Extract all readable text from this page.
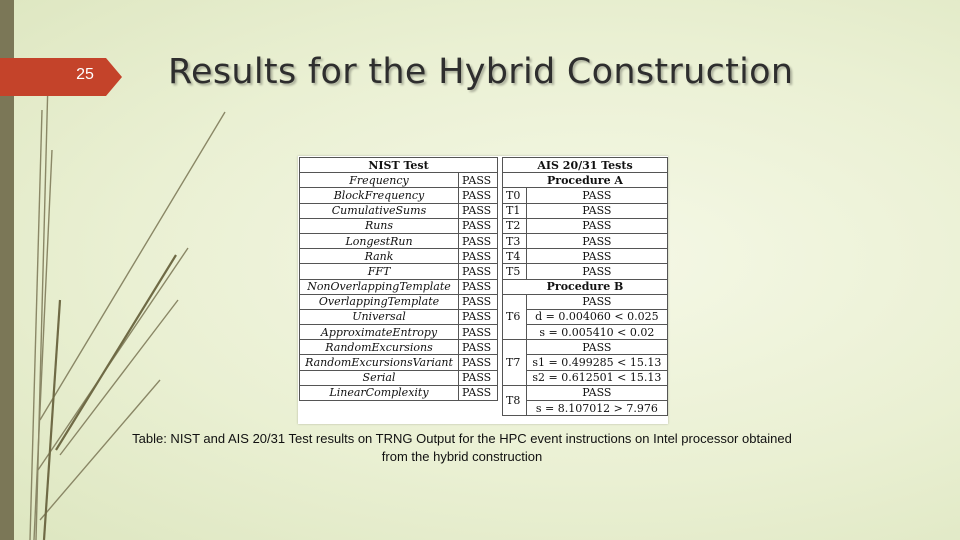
25	Results for the Hybrid Construction
NIST Test	
Frequency	PASS
BlockFrequency	PASS
CumulativeSums	PASS
Runs	PASS
LongestRun	PASS
Rank	PASS
FFT	PASS
NonOverlappingTemplate	PASS
OverlappingTemplate	PASS
Universal	PASS
ApproximateEntropy	PASS
RandomExcursions	PASS
RandomExcursionsVariant	PASS
Serial	PASS
LinearComplexity	PASS
AIS 20/31 Tests	
Procedure A	
T0	PASS
T1	PASS
T2	PASS
T3	PASS
T4	PASS
T5	PASS
Procedure B	
T6	PASS
	d = 0.004060 < 0.025
	s = 0.005410 < 0.02
T7	PASS
	s1 = 0.499285 < 15.13
	s2 = 0.612501 < 15.13
T8	PASS
	s = 8.107012 > 7.976
Table: NIST and AIS 20/31 Test results on TRNG Output for the HPC event instructions on Intel processor obtained from the hybrid construction
